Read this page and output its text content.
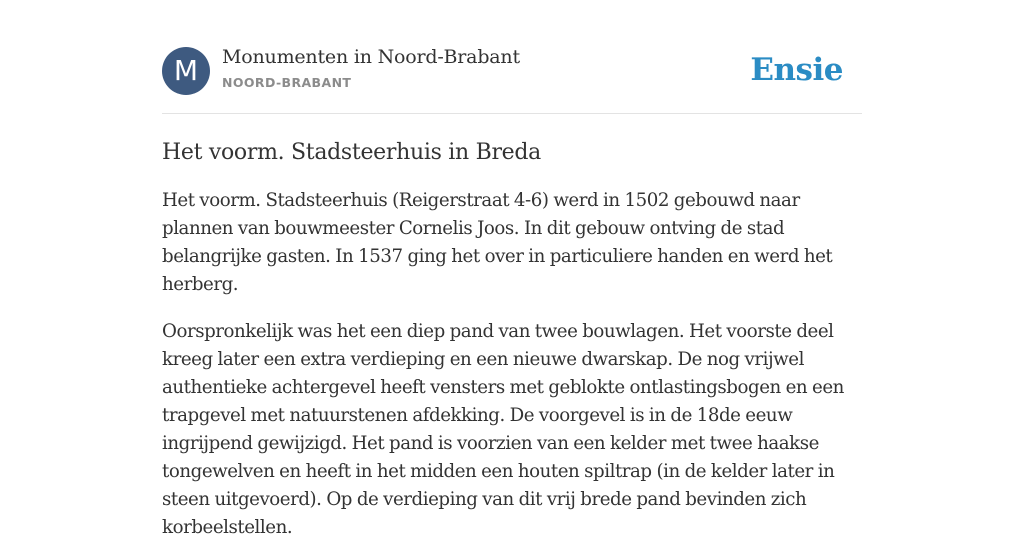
M	Monumenten in Noord-Brabant
NOORD-BRABANT	Ensie
Het voorm. Stadsteerhuis in Breda

Het voorm. Stadsteerhuis (Reigerstraat 4-6) werd in 1502 gebouwd naar plannen van bouwmeester Cornelis Joos. In dit gebouw ontving de stad belangrijke gasten. In 1537 ging het over in particuliere handen en werd het herberg.

Oorspronkelijk was het een diep pand van twee bouwlagen. Het voorste deel kreeg later een extra verdieping en een nieuwe dwarskap. De nog vrijwel authentieke achtergevel heeft vensters met geblokte ontlastingsbogen en een trapgevel met natuurstenen afdekking. De voorgevel is in de 18de eeuw ingrijpend gewijzigd. Het pand is voorzien van een kelder met twee haakse tongewelven en heeft in het midden een houten spiltrap (in de kelder later in steen uitgevoerd). Op de verdieping van dit vrij brede pand bevinden zich korbeelstellen.
